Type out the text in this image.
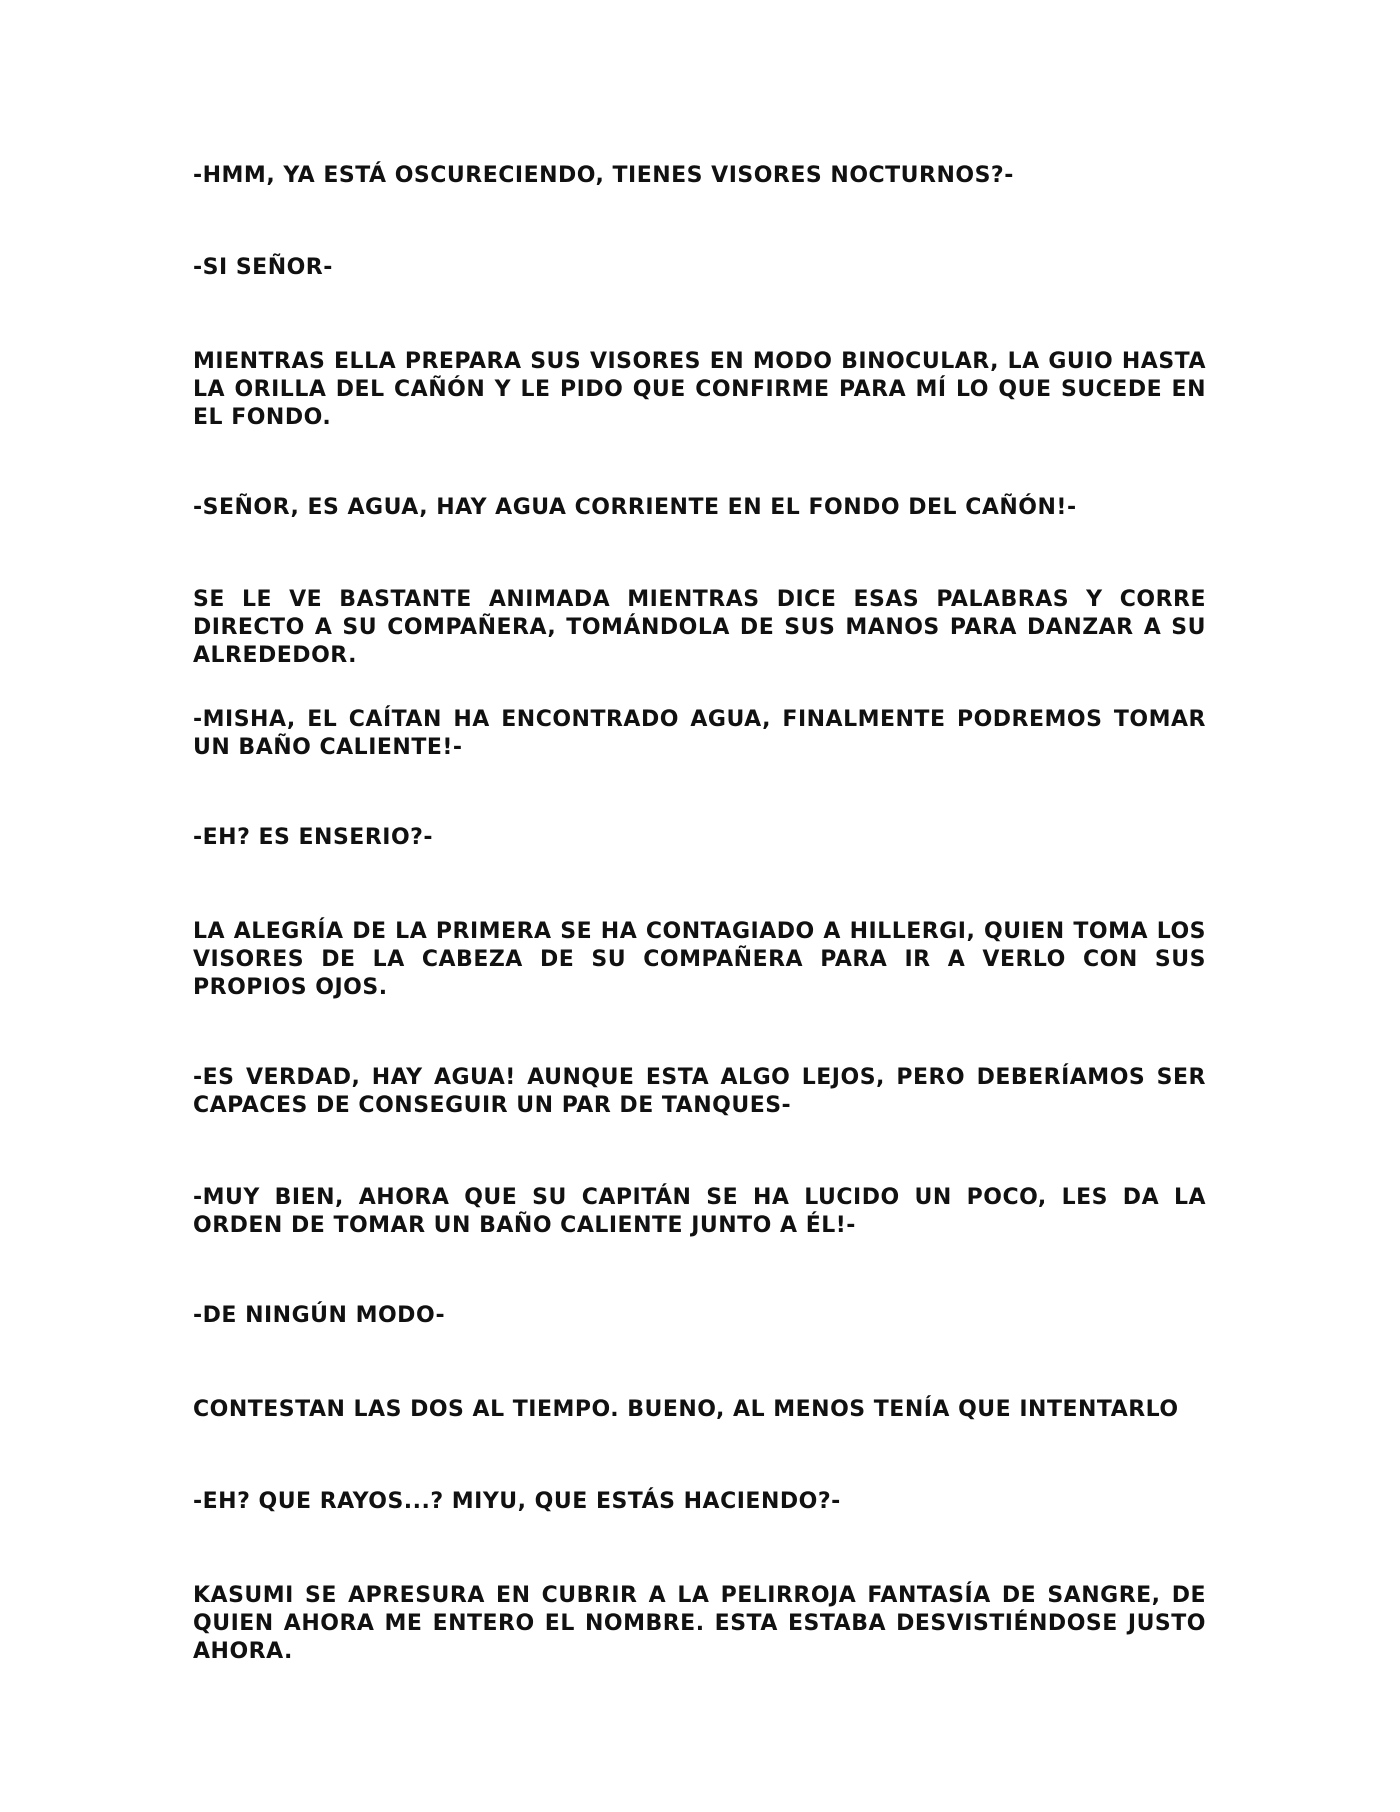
-HMM, YA ESTÁ OSCURECIENDO, TIENES VISORES NOCTURNOS?-

-SI SEÑOR-

MIENTRAS ELLA PREPARA SUS VISORES EN MODO BINOCULAR, LA GUIO HASTA LA ORILLA DEL CAÑÓN Y LE PIDO QUE CONFIRME PARA MÍ LO QUE SUCEDE EN EL FONDO.

-SEÑOR, ES AGUA, HAY AGUA CORRIENTE EN EL FONDO DEL CAÑÓN!-

SE LE VE BASTANTE ANIMADA MIENTRAS DICE ESAS PALABRAS Y CORRE DIRECTO A SU COMPAÑERA, TOMÁNDOLA DE SUS MANOS PARA DANZAR A SU ALREDEDOR.

-MISHA, EL CAÍTAN HA ENCONTRADO AGUA, FINALMENTE PODREMOS TOMAR UN BAÑO CALIENTE!-

-EH? ES ENSERIO?-

LA ALEGRÍA DE LA PRIMERA SE HA CONTAGIADO A HILLERGI, QUIEN TOMA LOS VISORES DE LA CABEZA DE SU COMPAÑERA PARA IR A VERLO CON SUS PROPIOS OJOS.

-ES VERDAD, HAY AGUA! AUNQUE ESTA ALGO LEJOS, PERO DEBERÍAMOS SER CAPACES DE CONSEGUIR UN PAR DE TANQUES-

-MUY BIEN, AHORA QUE SU CAPITÁN SE HA LUCIDO UN POCO, LES DA LA ORDEN DE TOMAR UN BAÑO CALIENTE JUNTO A ÉL!-

-DE NINGÚN MODO-

CONTESTAN LAS DOS AL TIEMPO. BUENO, AL MENOS TENÍA QUE INTENTARLO

-EH? QUE RAYOS...? MIYU, QUE ESTÁS HACIENDO?-

KASUMI SE APRESURA EN CUBRIR A LA PELIRROJA FANTASÍA DE SANGRE, DE QUIEN AHORA ME ENTERO EL NOMBRE. ESTA ESTABA DESVISTIÉNDOSE JUSTO AHORA.
